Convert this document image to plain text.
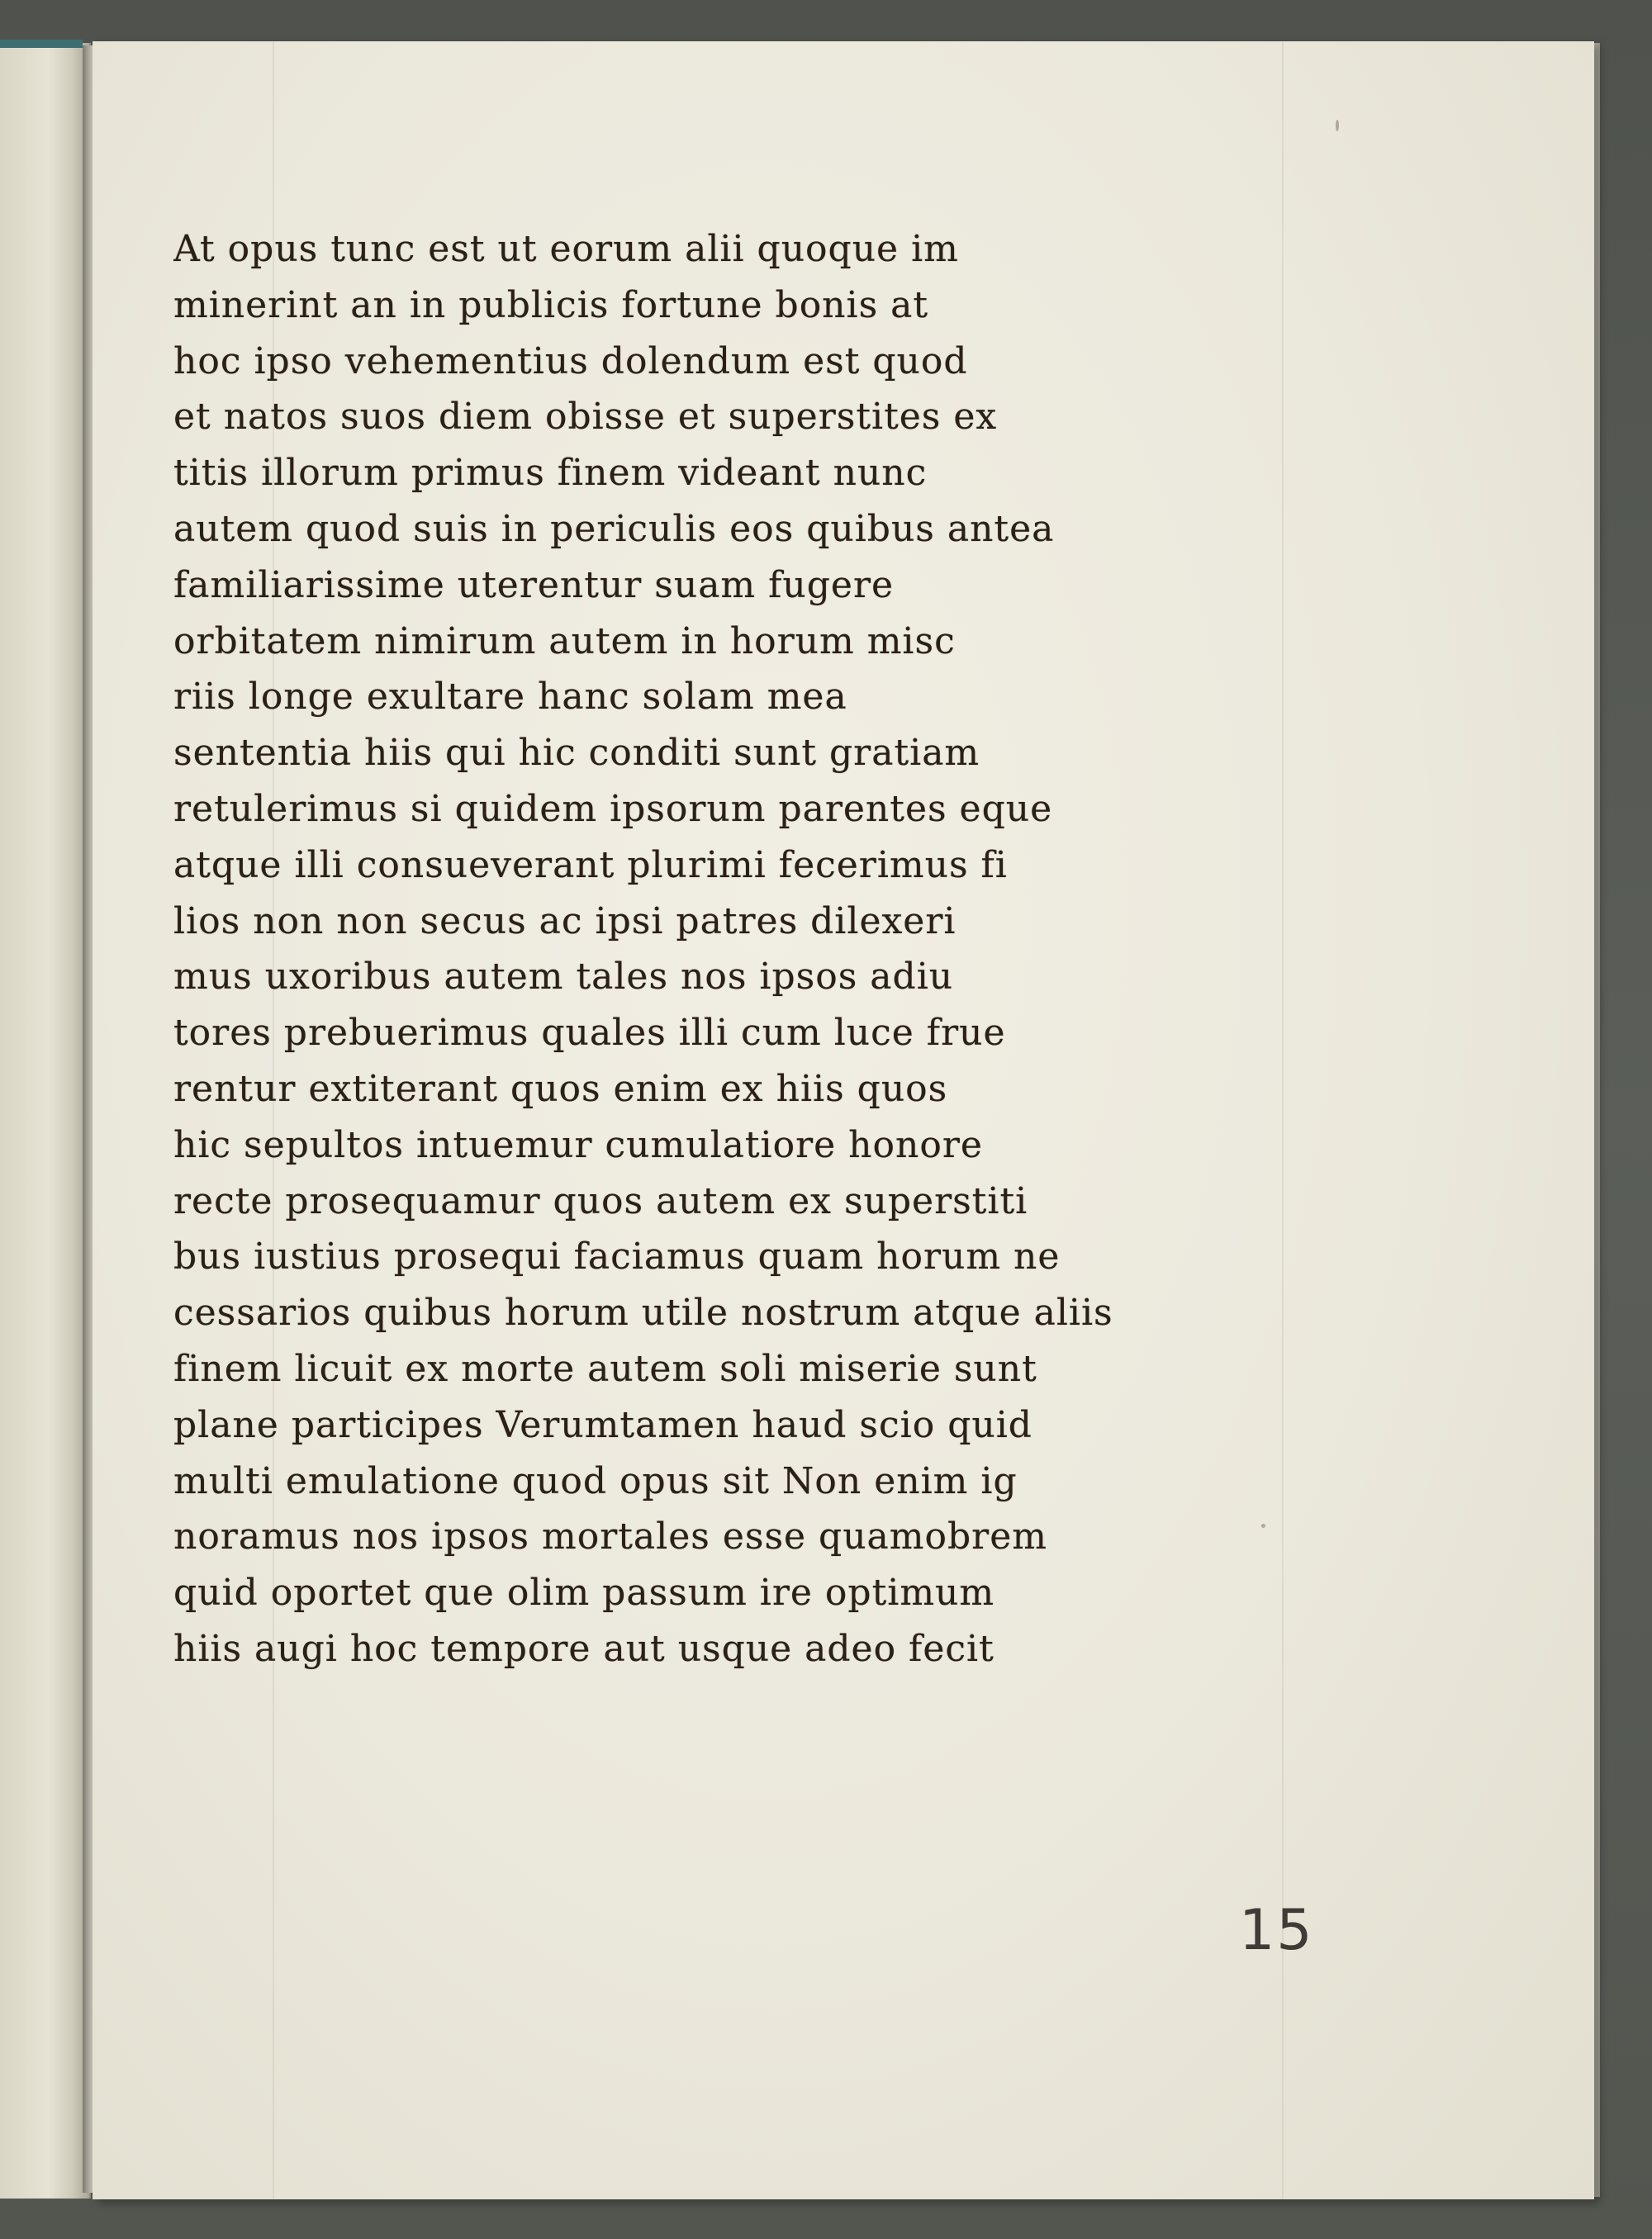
At opus tunc est ut eorum alii quoque im
minerint an in publicis fortune bonis at
hoc ipso vehementius dolendum est quod
et natos suos diem obisse et superstites ex
titis illorum primus finem videant nunc
autem quod suis in periculis eos quibus antea
familiarissime uterentur suam fugere
orbitatem nimirum autem in horum misc
riis longe exultare hanc solam mea
sententia hiis qui hic conditi sunt gratiam
retulerimus si quidem ipsorum parentes eque
atque illi consueverant plurimi fecerimus fi
lios non non secus ac ipsi patres dilexeri
mus uxoribus autem tales nos ipsos adiu
tores prebuerimus quales illi cum luce frue
rentur extiterant quos enim ex hiis quos
hic sepultos intuemur cumulatiore honore
recte prosequamur quos autem ex superstiti
bus iustius prosequi faciamus quam horum ne
cessarios quibus horum utile nostrum atque aliis
finem licuit ex morte autem soli miserie sunt
plane participes Verumtamen haud scio quid
multi emulatione quod opus sit Non enim ig
noramus nos ipsos mortales esse quamobrem
quid oportet que olim passum ire optimum
hiis augi hoc tempore aut usque adeo fecit
15
